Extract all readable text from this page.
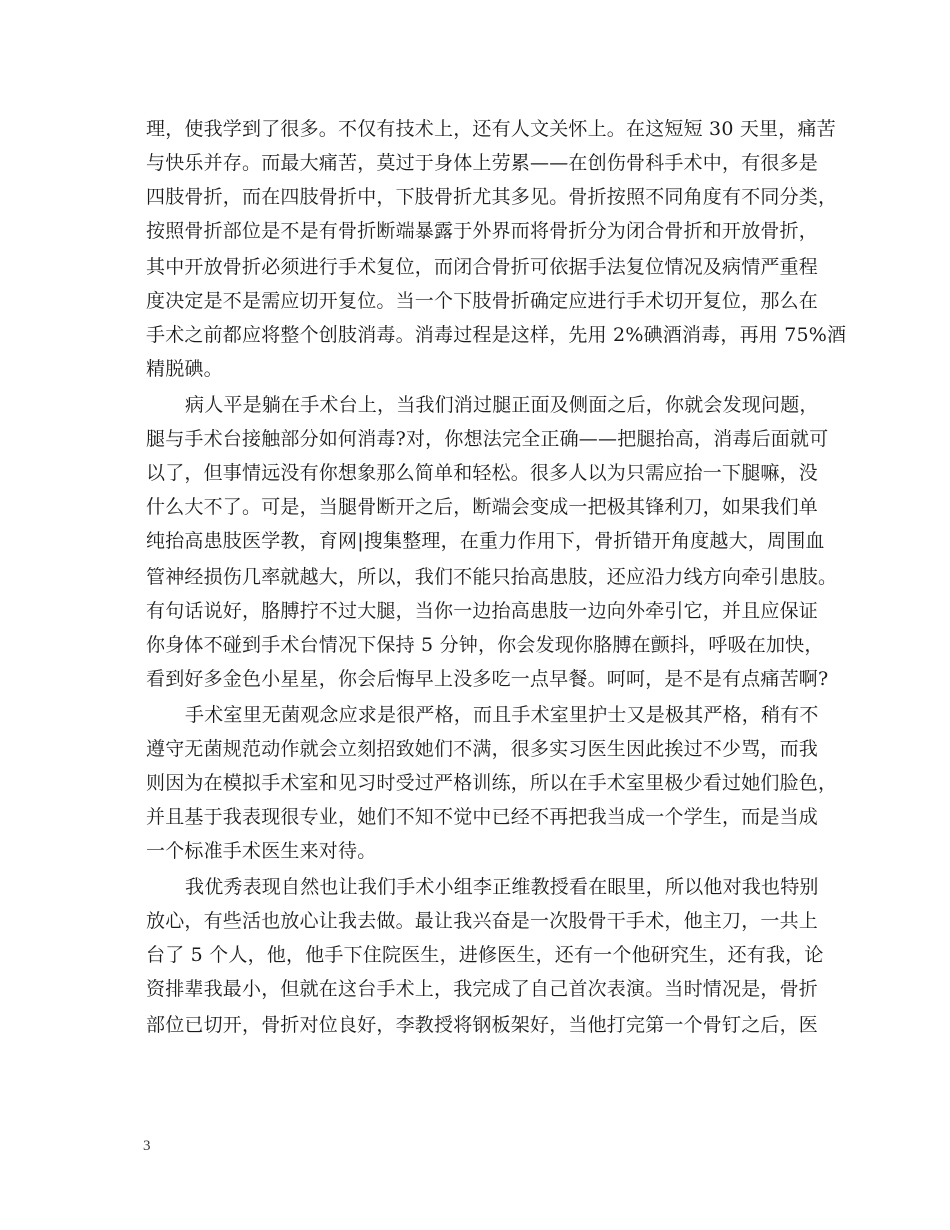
理，使我学到了很多。不仅有技术上，还有人文关怀上。在这短短 30 天里，痛苦
与快乐并存。而最大痛苦，莫过于身体上劳累——在创伤骨科手术中，有很多是
四肢骨折，而在四肢骨折中，下肢骨折尤其多见。骨折按照不同角度有不同分类，
按照骨折部位是不是有骨折断端暴露于外界而将骨折分为闭合骨折和开放骨折，
其中开放骨折必须进行手术复位，而闭合骨折可依据手法复位情况及病情严重程
度决定是不是需应切开复位。当一个下肢骨折确定应进行手术切开复位，那么在
手术之前都应将整个创肢消毒。消毒过程是这样，先用 2%碘酒消毒，再用 75%酒
精脱碘。
病人平是躺在手术台上，当我们消过腿正面及侧面之后，你就会发现问题，
腿与手术台接触部分如何消毒?对，你想法完全正确——把腿抬高，消毒后面就可
以了，但事情远没有你想象那么简单和轻松。很多人以为只需应抬一下腿嘛，没
什么大不了。可是，当腿骨断开之后，断端会变成一把极其锋利刀，如果我们单
纯抬高患肢医学教，育网|搜集整理，在重力作用下，骨折错开角度越大，周围血
管神经损伤几率就越大，所以，我们不能只抬高患肢，还应沿力线方向牵引患肢。
有句话说好，胳膊拧不过大腿，当你一边抬高患肢一边向外牵引它，并且应保证
你身体不碰到手术台情况下保持 5 分钟，你会发现你胳膊在颤抖，呼吸在加快，
看到好多金色小星星，你会后悔早上没多吃一点早餐。呵呵，是不是有点痛苦啊?
手术室里无菌观念应求是很严格，而且手术室里护士又是极其严格，稍有不
遵守无菌规范动作就会立刻招致她们不满，很多实习医生因此挨过不少骂，而我
则因为在模拟手术室和见习时受过严格训练，所以在手术室里极少看过她们脸色，
并且基于我表现很专业，她们不知不觉中已经不再把我当成一个学生，而是当成
一个标准手术医生来对待。
我优秀表现自然也让我们手术小组李正维教授看在眼里，所以他对我也特别
放心，有些活也放心让我去做。最让我兴奋是一次股骨干手术，他主刀，一共上
台了 5 个人，他，他手下住院医生，进修医生，还有一个他研究生，还有我，论
资排辈我最小，但就在这台手术上，我完成了自己首次表演。当时情况是，骨折
部位已切开，骨折对位良好，李教授将钢板架好，当他打完第一个骨钉之后，医
3
